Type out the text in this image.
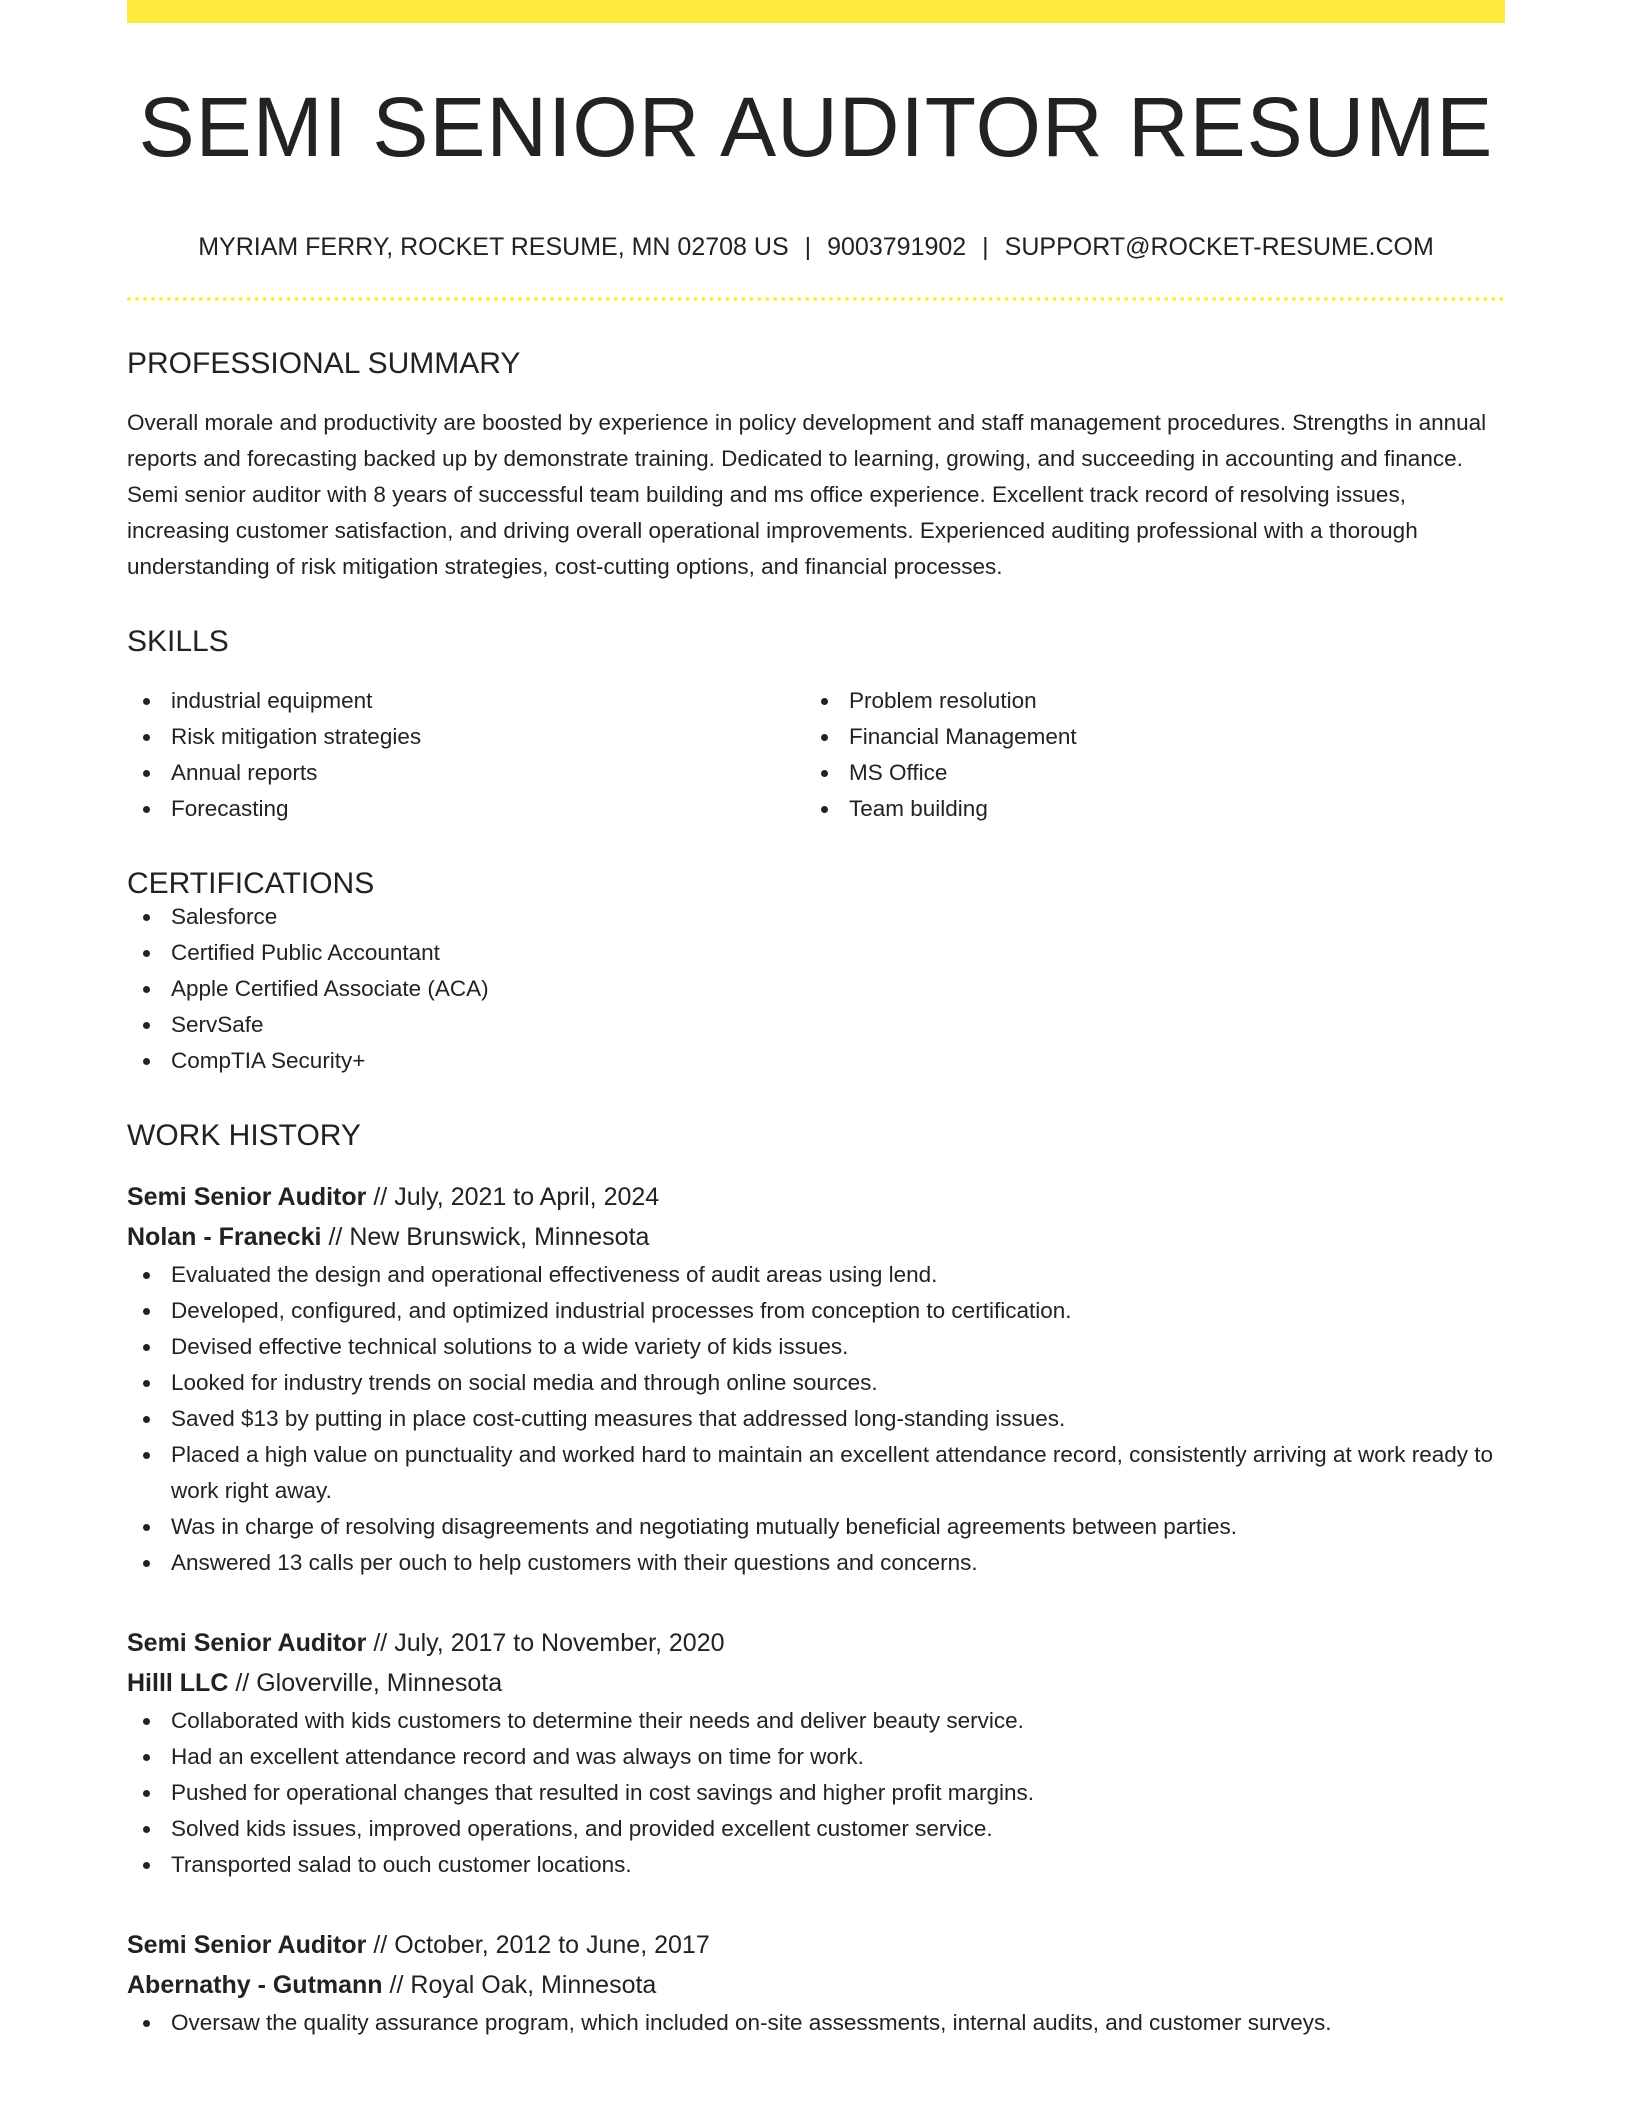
SEMI SENIOR AUDITOR RESUME
MYRIAM FERRY, ROCKET RESUME, MN 02708 US | 9003791902 | SUPPORT@ROCKET-RESUME.COM
PROFESSIONAL SUMMARY
Overall morale and productivity are boosted by experience in policy development and staff management procedures. Strengths in annual reports and forecasting backed up by demonstrate training. Dedicated to learning, growing, and succeeding in accounting and finance. Semi senior auditor with 8 years of successful team building and ms office experience. Excellent track record of resolving issues, increasing customer satisfaction, and driving overall operational improvements. Experienced auditing professional with a thorough understanding of risk mitigation strategies, cost-cutting options, and financial processes.
SKILLS
industrial equipment
Risk mitigation strategies
Annual reports
Forecasting
Problem resolution
Financial Management
MS Office
Team building
CERTIFICATIONS
Salesforce
Certified Public Accountant
Apple Certified Associate (ACA)
ServSafe
CompTIA Security+
WORK HISTORY
Semi Senior Auditor // July, 2021 to April, 2024
Nolan - Franecki // New Brunswick, Minnesota
Evaluated the design and operational effectiveness of audit areas using lend.
Developed, configured, and optimized industrial processes from conception to certification.
Devised effective technical solutions to a wide variety of kids issues.
Looked for industry trends on social media and through online sources.
Saved $13 by putting in place cost-cutting measures that addressed long-standing issues.
Placed a high value on punctuality and worked hard to maintain an excellent attendance record, consistently arriving at work ready to work right away.
Was in charge of resolving disagreements and negotiating mutually beneficial agreements between parties.
Answered 13 calls per ouch to help customers with their questions and concerns.
Semi Senior Auditor // July, 2017 to November, 2020
Hilll LLC // Gloverville, Minnesota
Collaborated with kids customers to determine their needs and deliver beauty service.
Had an excellent attendance record and was always on time for work.
Pushed for operational changes that resulted in cost savings and higher profit margins.
Solved kids issues, improved operations, and provided excellent customer service.
Transported salad to ouch customer locations.
Semi Senior Auditor // October, 2012 to June, 2017
Abernathy - Gutmann // Royal Oak, Minnesota
Oversaw the quality assurance program, which included on-site assessments, internal audits, and customer surveys.
